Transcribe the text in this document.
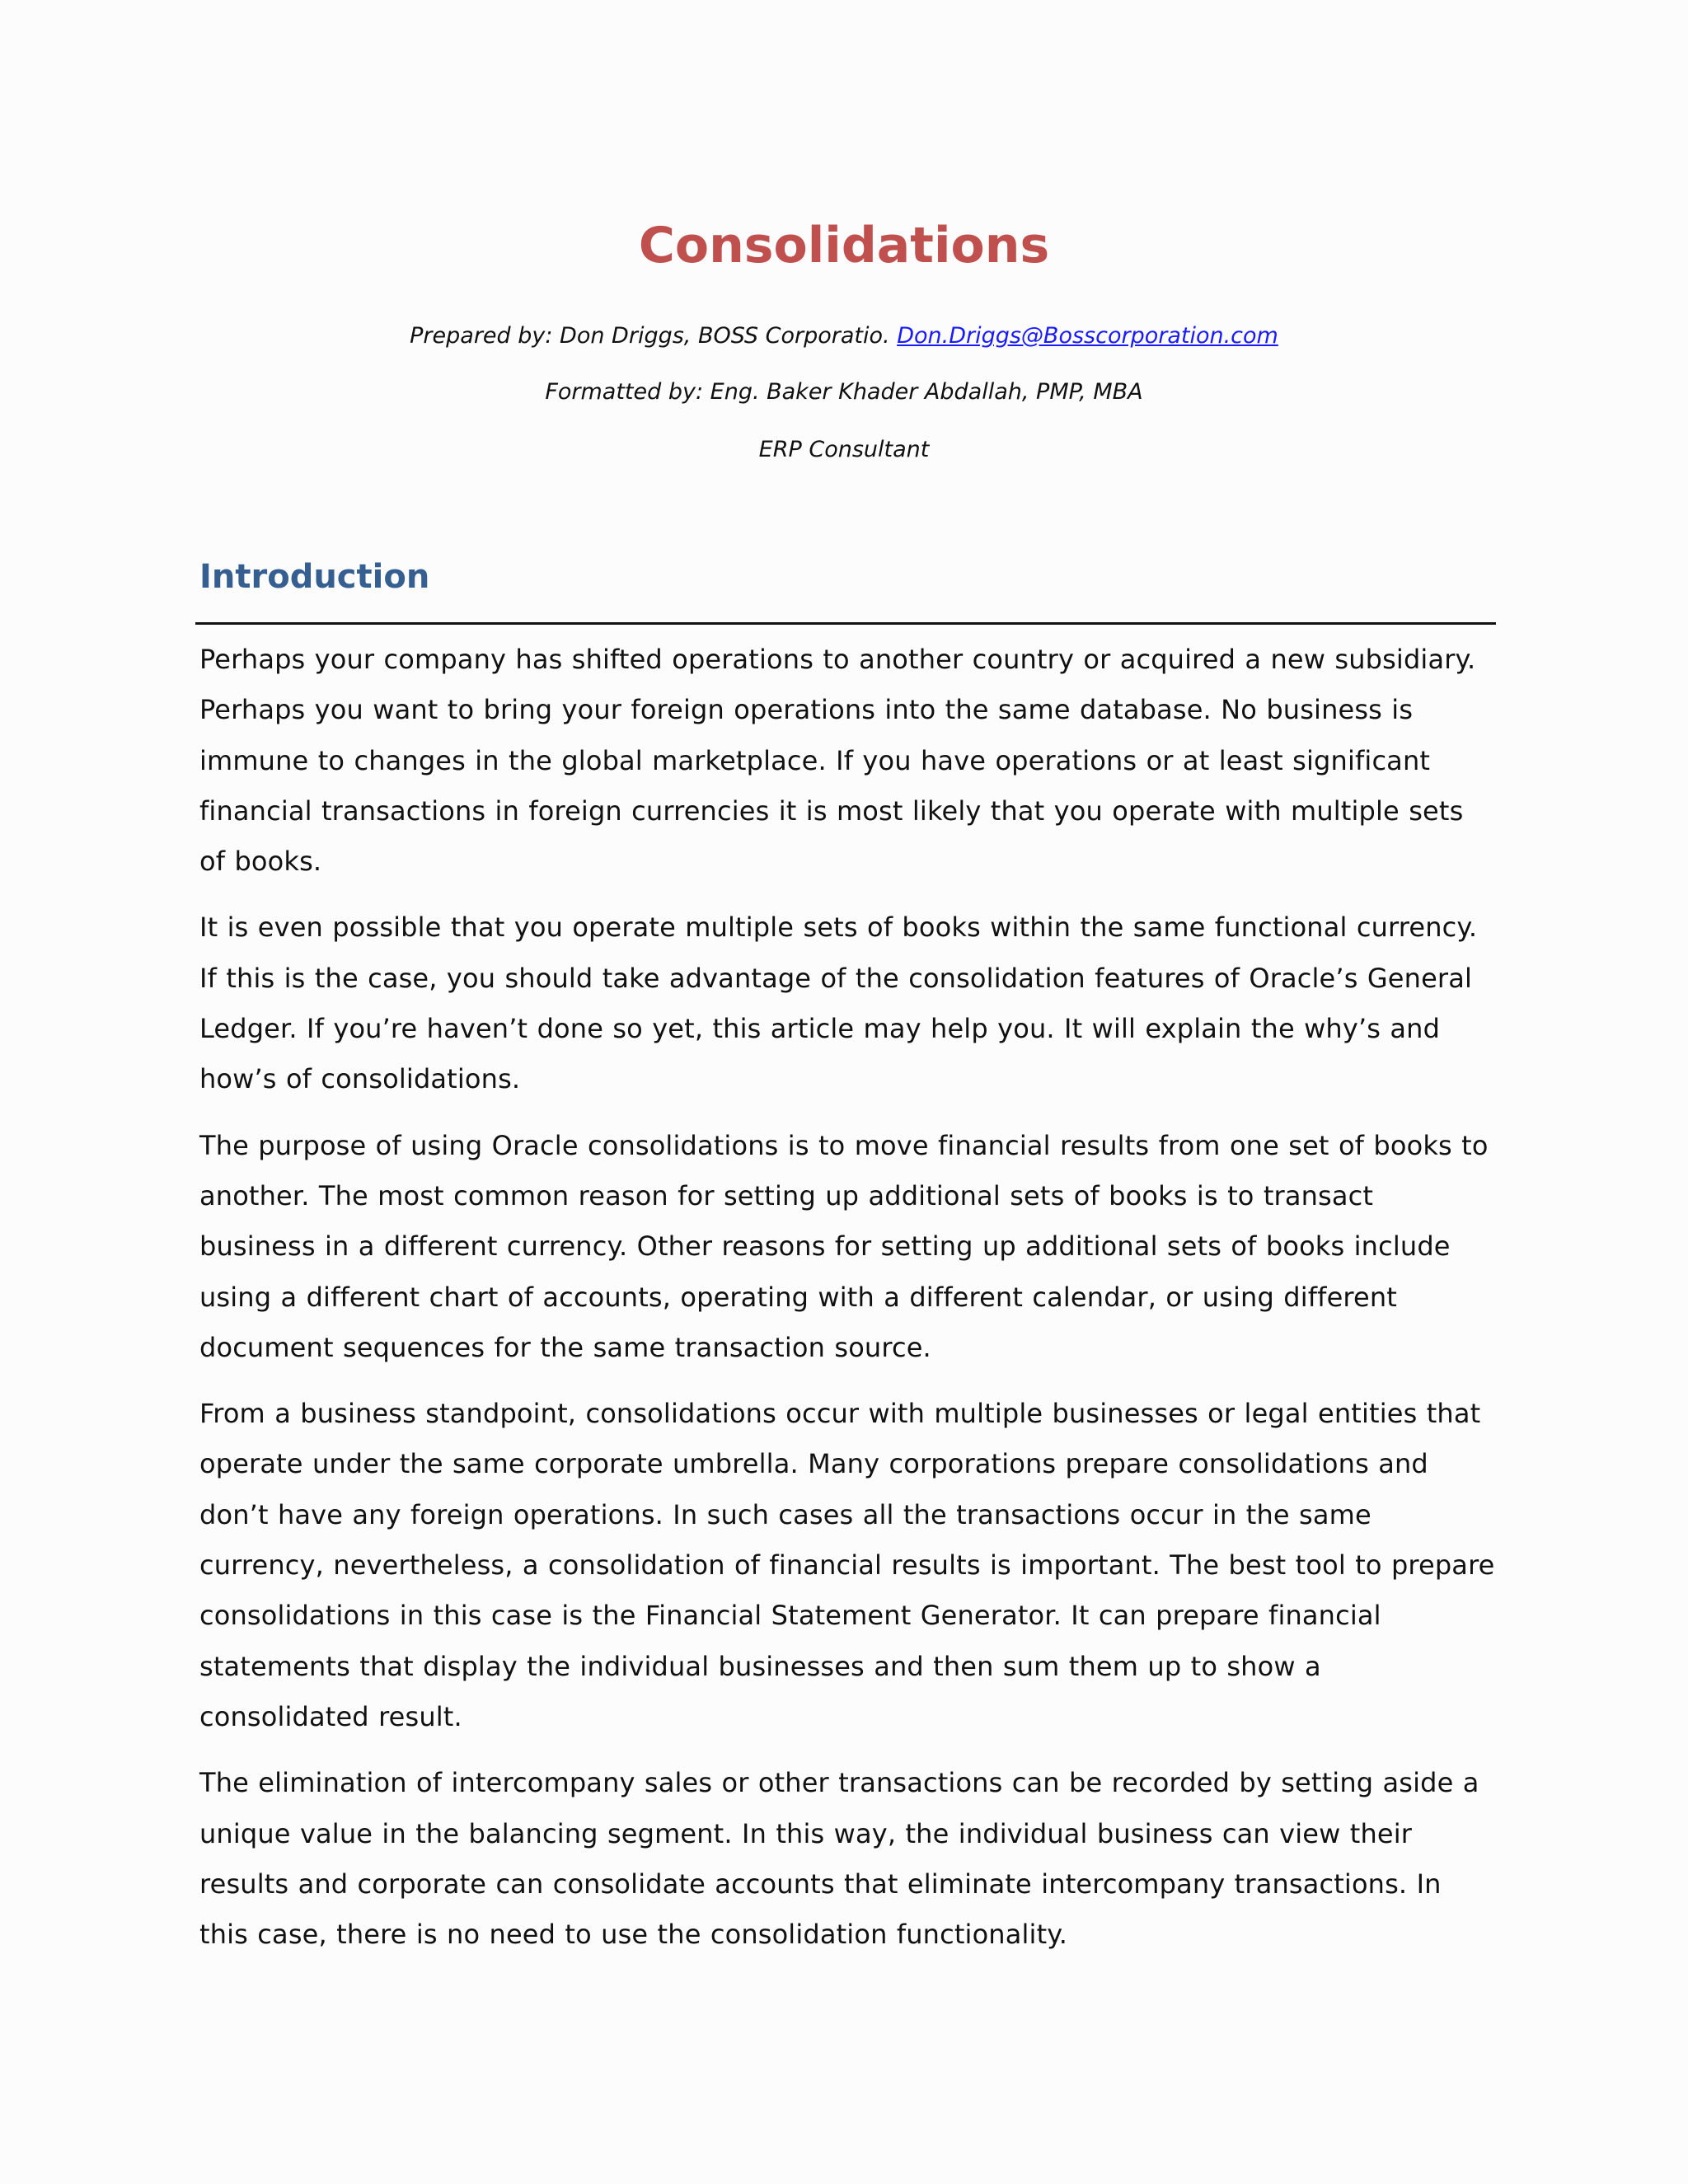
Consolidations

Prepared by: Don Driggs, BOSS Corporatio. Don.Driggs@Bosscorporation.com

Formatted by: Eng. Baker Khader Abdallah, PMP, MBA

ERP Consultant

Introduction

Perhaps your company has shifted operations to another country or acquired a new subsidiary. Perhaps you want to bring your foreign operations into the same database. No business is immune to changes in the global marketplace. If you have operations or at least significant financial transactions in foreign currencies it is most likely that you operate with multiple sets of books.

It is even possible that you operate multiple sets of books within the same functional currency. If this is the case, you should take advantage of the consolidation features of Oracle’s General Ledger. If you’re haven’t done so yet, this article may help you. It will explain the why’s and how’s of consolidations.

The purpose of using Oracle consolidations is to move financial results from one set of books to another. The most common reason for setting up additional sets of books is to transact business in a different currency. Other reasons for setting up additional sets of books include using a different chart of accounts, operating with a different calendar, or using different document sequences for the same transaction source.

From a business standpoint, consolidations occur with multiple businesses or legal entities that operate under the same corporate umbrella. Many corporations prepare consolidations and don’t have any foreign operations. In such cases all the transactions occur in the same currency, nevertheless, a consolidation of financial results is important. The best tool to prepare consolidations in this case is the Financial Statement Generator. It can prepare financial statements that display the individual businesses and then sum them up to show a consolidated result.

The elimination of intercompany sales or other transactions can be recorded by setting aside a unique value in the balancing segment. In this way, the individual business can view their results and corporate can consolidate accounts that eliminate intercompany transactions. In this case, there is no need to use the consolidation functionality.
